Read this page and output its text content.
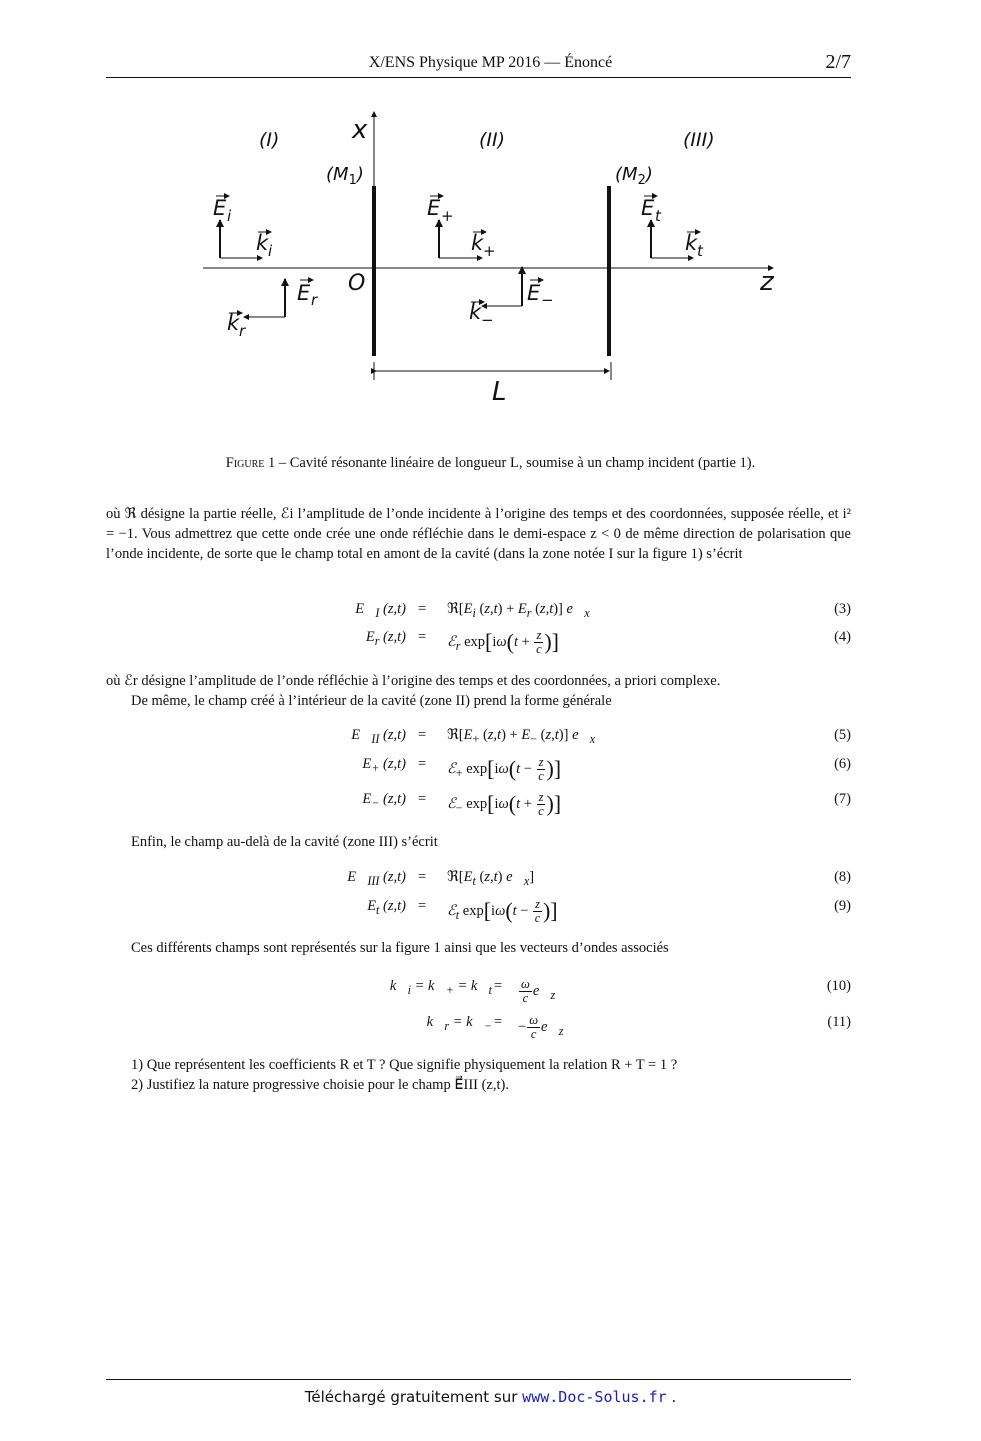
X/ENS Physique MP 2016 — Énoncé	2/7
(I)	(II)	(III)
x
z
O
L
$(M_1)$	$(M_2)$
E i
k i
E r
k r
E +
k +
E −
k −
E t
k t
Figure 1 – Cavité résonante linéaire de longueur L, soumise à un champ incident (partie 1).
où ℜ désigne la partie réelle, ℰi l’amplitude de l’onde incidente à l’origine des temps et des coordonnées, supposée réelle, et i² = −1. Vous admettrez que cette onde crée une onde réfléchie dans le demi-espace z < 0 de même direction de polarisation que l’onde incidente, de sorte que le champ total en amont de la cavité (dans la zone notée I sur la figure 1) s’écrit
$E⃗_I$ $(z,t) = ℜ[E_i$ $(z,t) + E_r$ (z,t)] $e⃗_x$	(3)
$E_r$ (z,t) = ℰ$_r$ $\exp[i\omega(t + \frac{z}{c}$ )]	(4)
où ℰr désigne l’amplitude de l’onde réfléchie à l’origine des temps et des coordonnées, a priori complexe.
De même, le champ créé à l’intérieur de la cavité (zone II) prend la forme générale
$E⃗_{II}$ $(z,t) = ℜ[E_+$ $(z,t) + E_-$ (z,t)] $e⃗_x$	(5)
$E_+$ (z,t) = ℰ$_+$ $\exp[i\omega(t - \frac{z}{c}$ )]	(6)
$E_-$ (z,t) = ℰ$_-$ $\exp[i\omega(t + \frac{z}{c}$ )]	(7)
Enfin, le champ au-delà de la cavité (zone III) s’écrit
$E⃗_{III}$ $(z,t) = ℜ[E_t$ (z,t) $e⃗_x$]	(8)
$E_t$ (z,t) = ℰ$_t$ $\exp[i\omega(t - \frac{z}{c}$ )]	(9)
Ces différents champs sont représentés sur la figure 1 ainsi que les vecteurs d’ondes associés
$k⃗_i$ = $k⃗_+$ = $k⃗_t = \frac{\omega}{c}$ $e⃗_z$
(10)
$k⃗_r$ = $k⃗_-$ = − $\frac{\omega}{c}$ $e⃗_z$
(11)
1) Que représentent les coefficients R et T ? Que signifie physiquement la relation R + T = 1 ?
2) Justifiez la nature progressive choisie pour le champ E⃗III (z,t).
Téléchargé gratuitement sur www.Doc-Solus.fr .
